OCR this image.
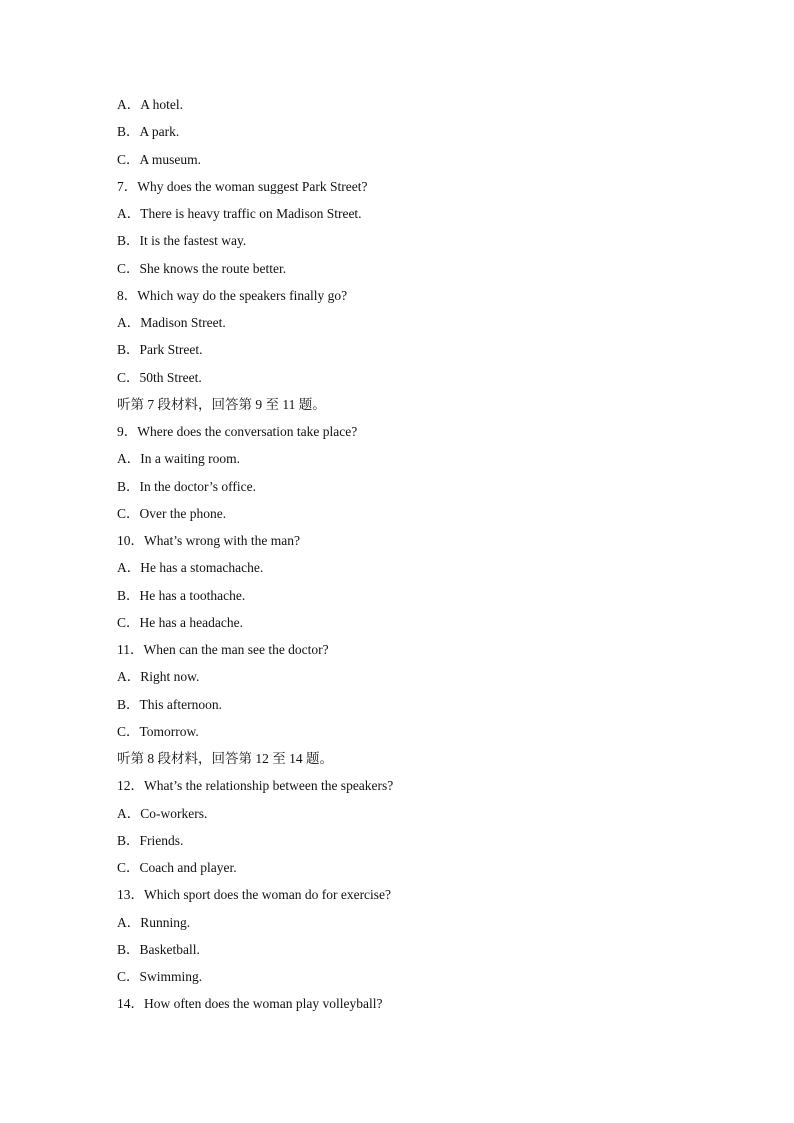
A．A hotel.
B．A park.
C．A museum.
7．Why does the woman suggest Park Street?
A．There is heavy traffic on Madison Street.
B．It is the fastest way.
C．She knows the route better.
8．Which way do the speakers finally go?
A．Madison Street.
B．Park Street.
C．50th Street.
听第 7 段材料，回答第 9 至 11 题。
9．Where does the conversation take place?
A．In a waiting room.
B．In the doctor’s office.
C．Over the phone.
10．What’s wrong with the man?
A．He has a stomachache.
B．He has a toothache.
C．He has a headache.
11．When can the man see the doctor?
A．Right now.
B．This afternoon.
C．Tomorrow.
听第 8 段材料，回答第 12 至 14 题。
12．What’s the relationship between the speakers?
A．Co-workers.
B．Friends.
C．Coach and player.
13．Which sport does the woman do for exercise?
A．Running.
B．Basketball.
C．Swimming.
14．How often does the woman play volleyball?
